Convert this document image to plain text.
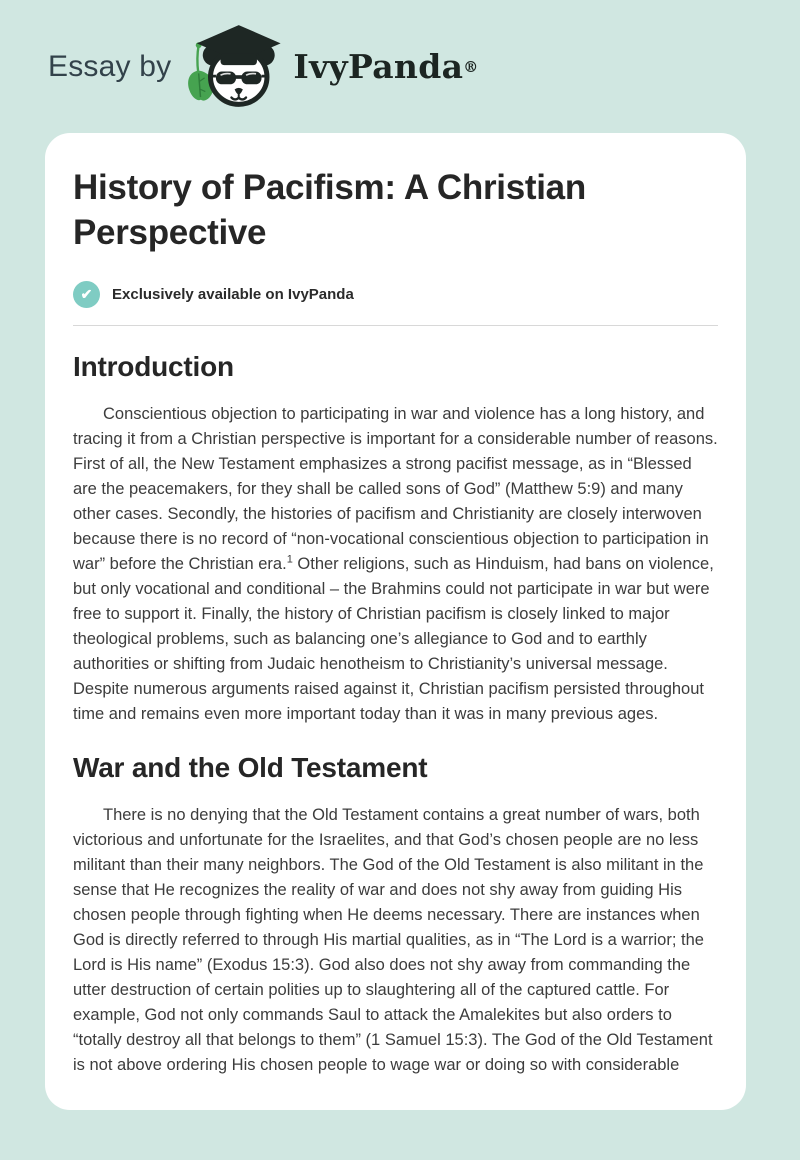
Essay by	IvyPanda ®
History of Pacifism: A Christian Perspective
✔	Exclusively available on IvyPanda
Introduction

Conscientious objection to participating in war and violence has a long history, and tracing it from a Christian perspective is important for a considerable number of reasons. First of all, the New Testament emphasizes a strong pacifist message, as in “Blessed are the peacemakers, for they shall be called sons of God” (Matthew 5:9) and many other cases. Secondly, the histories of pacifism and Christianity are closely interwoven because there is no record of “non-vocational conscientious objection to participation in war” before the Christian era.$^1$ Other religions, such as Hinduism, had bans on violence, but only vocational and conditional – the Brahmins could not participate in war but were free to support it. Finally, the history of Christian pacifism is closely linked to major theological problems, such as balancing one’s allegiance to God and to earthly authorities or shifting from Judaic henotheism to Christianity’s universal message. Despite numerous arguments raised against it, Christian pacifism persisted throughout time and remains even more important today than it was in many previous ages.

War and the Old Testament

There is no denying that the Old Testament contains a great number of wars, both victorious and unfortunate for the Israelites, and that God’s chosen people are no less militant than their many neighbors. The God of the Old Testament is also militant in the sense that He recognizes the reality of war and does not shy away from guiding His chosen people through fighting when He deems necessary. There are instances when God is directly referred to through His martial qualities, as in “The Lord is a warrior; the Lord is His name” (Exodus 15:3). God also does not shy away from commanding the utter destruction of certain polities up to slaughtering all of the captured cattle. For example, God not only commands Saul to attack the Amalekites but also orders to “totally destroy all that belongs to them” (1 Samuel 15:3). The God of the Old Testament is not above ordering His chosen people to wage war or doing so with considerable
